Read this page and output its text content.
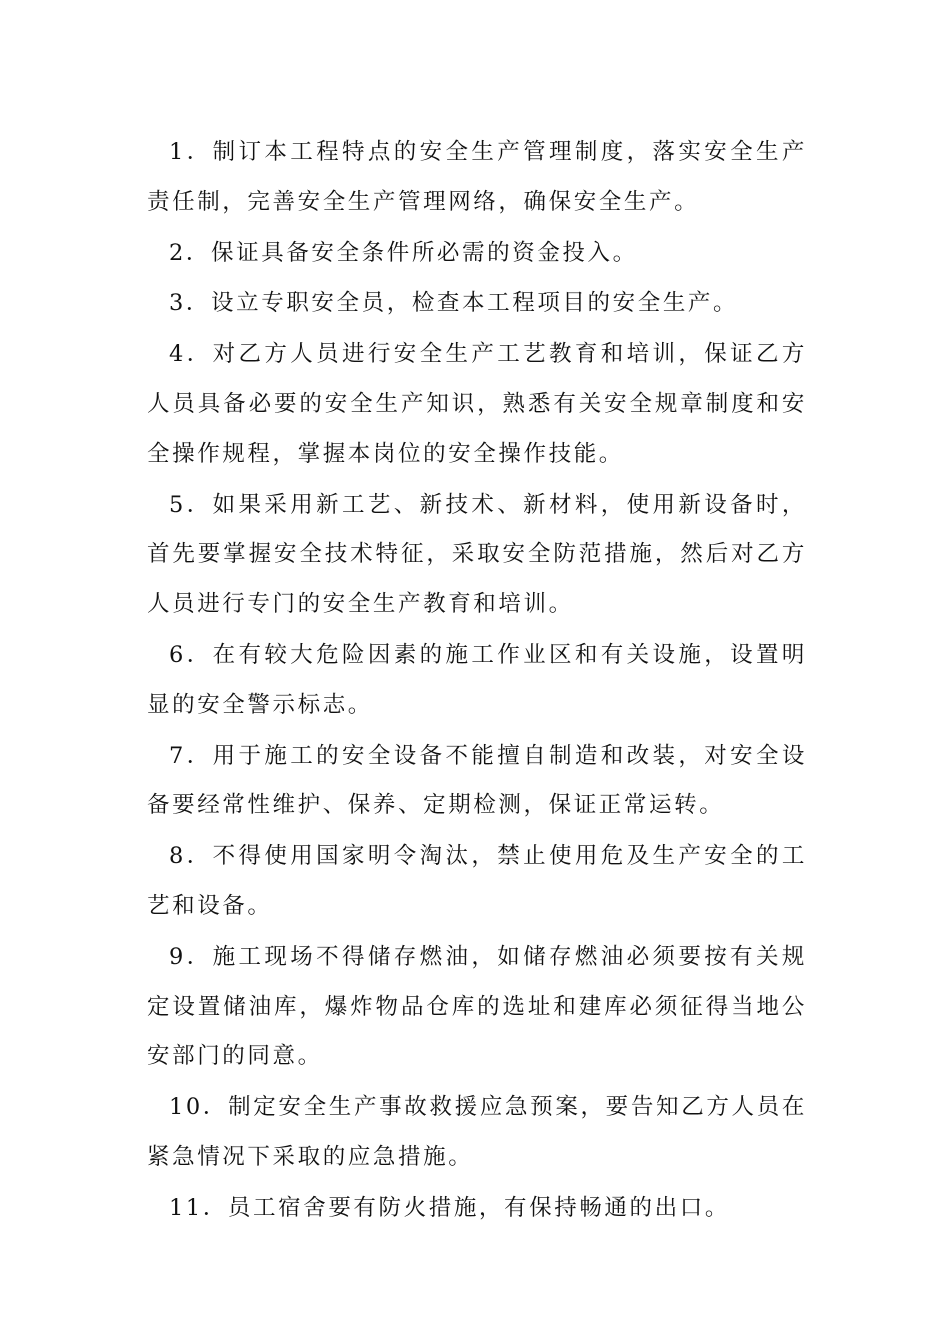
1．制订本工程特点的安全生产管理制度，落实安全生产责任制，完善安全生产管理网络，确保安全生产。

2．保证具备安全条件所必需的资金投入。

3．设立专职安全员，检查本工程项目的安全生产。

4．对乙方人员进行安全生产工艺教育和培训，保证乙方人员具备必要的安全生产知识，熟悉有关安全规章制度和安全操作规程，掌握本岗位的安全操作技能。

5．如果采用新工艺、新技术、新材料，使用新设备时，首先要掌握安全技术特征，采取安全防范措施，然后对乙方人员进行专门的安全生产教育和培训。

6．在有较大危险因素的施工作业区和有关设施，设置明显的安全警示标志。

7．用于施工的安全设备不能擅自制造和改装，对安全设备要经常性维护、保养、定期检测，保证正常运转。

8．不得使用国家明令淘汰，禁止使用危及生产安全的工艺和设备。

9．施工现场不得储存燃油，如储存燃油必须要按有关规定设置储油库，爆炸物品仓库的选址和建库必须征得当地公安部门的同意。

10．制定安全生产事故救援应急预案，要告知乙方人员在紧急情况下采取的应急措施。

11．员工宿舍要有防火措施，有保持畅通的出口。
